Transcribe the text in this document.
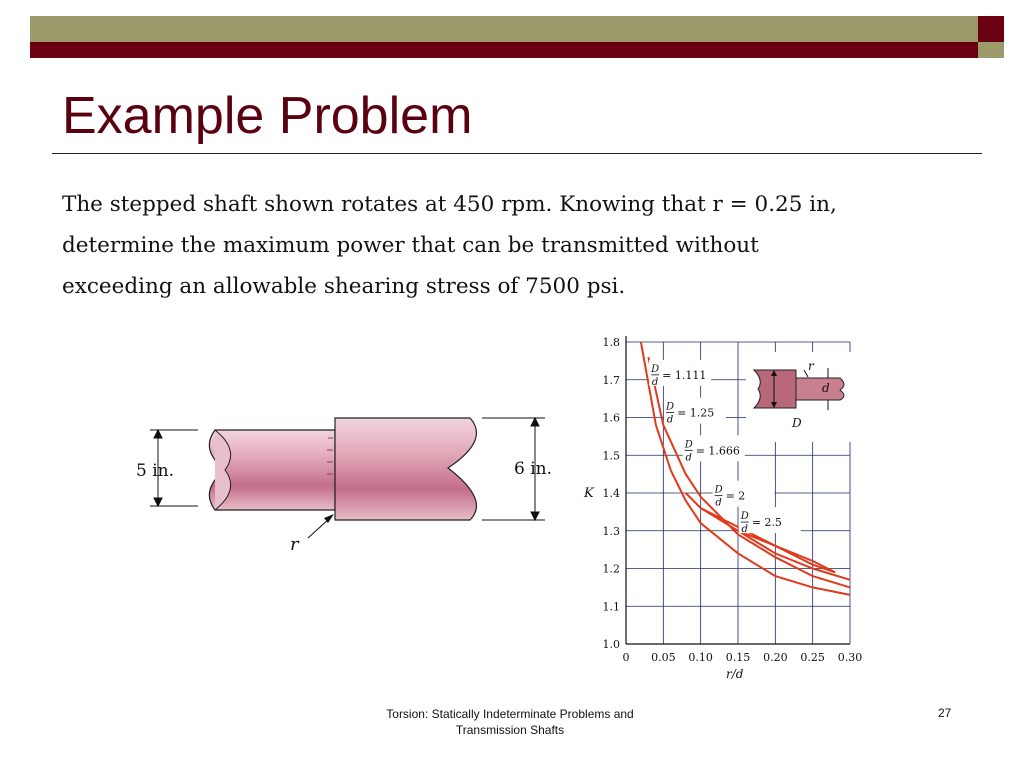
Example Problem
The stepped shaft shown rotates at 450 rpm. Knowing that r = 0.25 in,
determine the maximum power that can be transmitted without
exceeding an allowable shearing stress of 7500 psi.
5 in.	6 in.
r
0 0.05 0.10 0.15 0.20 0.25 0.30
1.0
1.1
1.2
1.3
1.4
1.5
1.6
1.7
1.8
K
r/d
D
d
= 1.111
D
d
= 1.25
D
d
= 1.666
D
d
= 2
D
d
= 2.5
r
d
D
Torsion: Statically Indeterminate Problems and
Transmission Shafts
27
